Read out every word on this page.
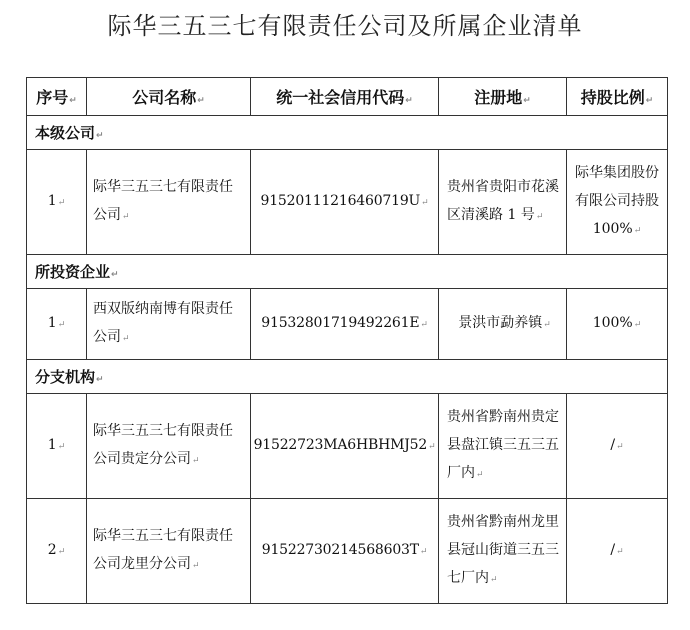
际华三五三七有限责任公司及所属企业清单
序号↵	公司名称↵	统一社会信用代码↵	注册地↵	持股比例↵
本级公司↵				
1↵	际华三五三七有限责任公司↵	91520111216460719U↵	贵州省贵阳市花溪区清溪路 1 号↵	际华集团股份有限公司持股 100%↵
所投资企业↵				
1↵	西双版纳南博有限责任公司↵	91532801719492261E↵	景洪市勐养镇↵	100%↵
分支机构↵				
1↵	际华三五三七有限责任公司贵定分公司↵	91522723MA6HBHMJ52↵	贵州省黔南州贵定县盘江镇三五三五厂内↵	/↵
2↵	际华三五三七有限责任公司龙里分公司↵	91522730214568603T↵	贵州省黔南州龙里县冠山街道三五三七厂内↵	/↵
